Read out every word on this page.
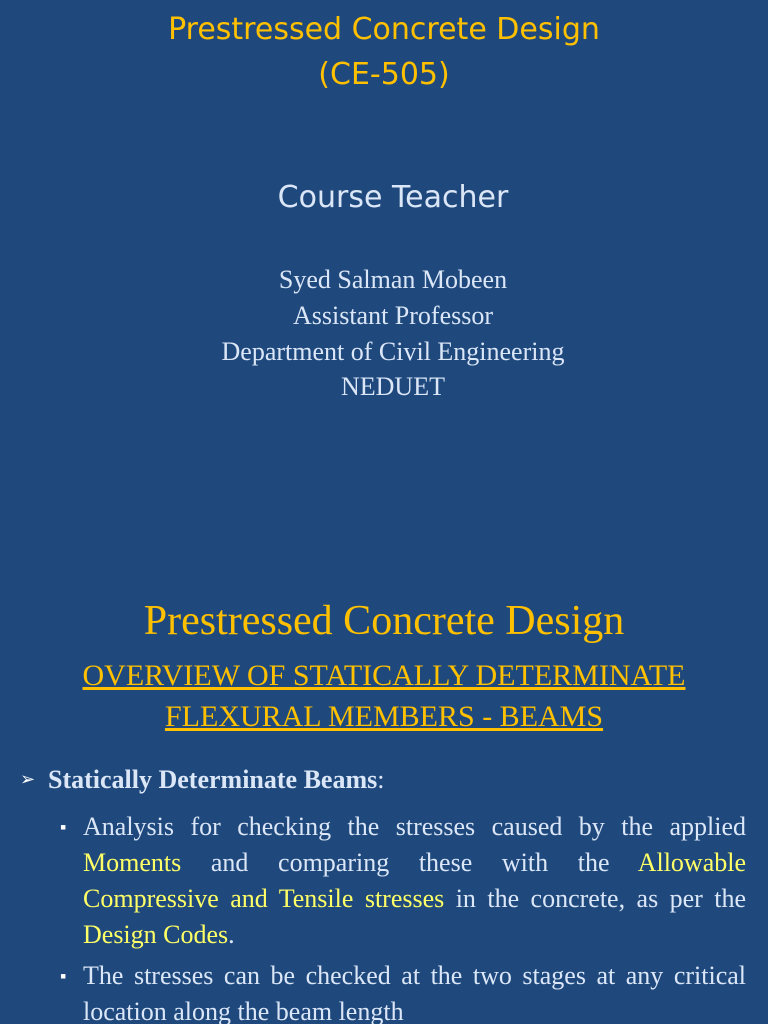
Prestressed Concrete Design
(CE-505)
Course Teacher
Syed Salman Mobeen
Assistant Professor
Department of Civil Engineering
NEDUET
Prestressed Concrete Design
OVERVIEW OF STATICALLY DETERMINATE
FLEXURAL MEMBERS - BEAMS
➢ Statically Determinate Beams:
▪ Analysis for checking the stresses caused by the applied Moments and comparing these with the Allowable Compressive and Tensile stresses in the concrete, as per the Design Codes.
▪ The stresses can be checked at the two stages at any critical location along the beam length
